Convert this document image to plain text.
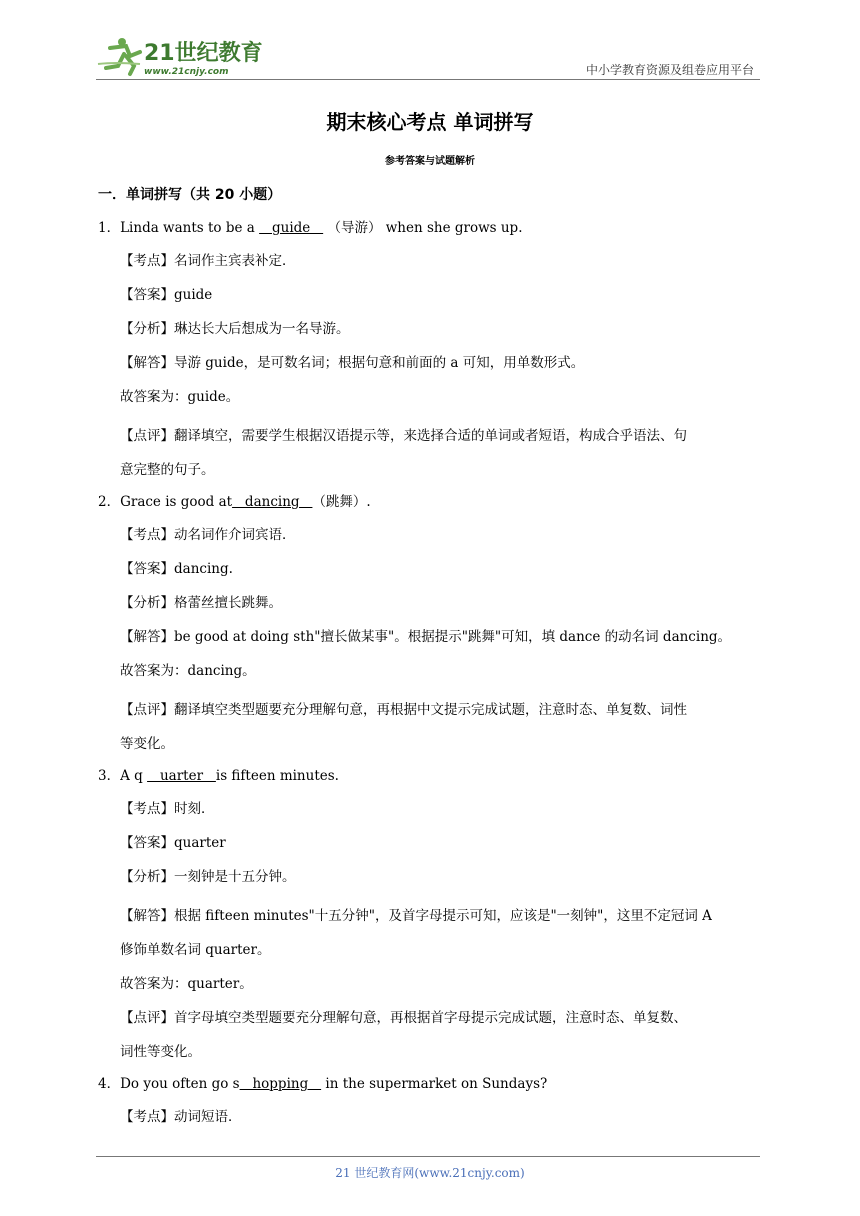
21世纪教育
www.21cnjy.com	中小学教育资源及组卷应用平台
期末核心考点 单词拼写
参考答案与试题解析
一．单词拼写（共 20 小题）
1．Linda wants to be a    guide    （导游） when she grows up.
【考点】名词作主宾表补定．
【答案】guide
【分析】琳达长大后想成为一名导游。
【解答】导游 guide，是可数名词；根据句意和前面的 a 可知，用单数形式。
故答案为：guide。
【点评】翻译填空，需要学生根据汉语提示等，来选择合适的单词或者短语，构成合乎语法、句
意完整的句子。
2．Grace is good at   dancing   （跳舞）.
【考点】动名词作介词宾语．
【答案】dancing.
【分析】格蕾丝擅长跳舞。
【解答】be good at doing sth"擅长做某事"。根据提示"跳舞"可知，填 dance 的动名词 dancing。
故答案为：dancing。
【点评】翻译填空类型题要充分理解句意，再根据中文提示完成试题，注意时态、单复数、词性
等变化。
3．A q    uarter   is fifteen minutes.
【考点】时刻．
【答案】quarter
【分析】一刻钟是十五分钟。
【解答】根据 fifteen minutes"十五分钟"，及首字母提示可知，应该是"一刻钟"，这里不定冠词 A
修饰单数名词 quarter。
故答案为：quarter。
【点评】首字母填空类型题要充分理解句意，再根据首字母提示完成试题，注意时态、单复数、
词性等变化。
4．Do you often go s   hopping    in the supermarket on Sundays?
【考点】动词短语．
21 世纪教育网(www.21cnjy.com)
